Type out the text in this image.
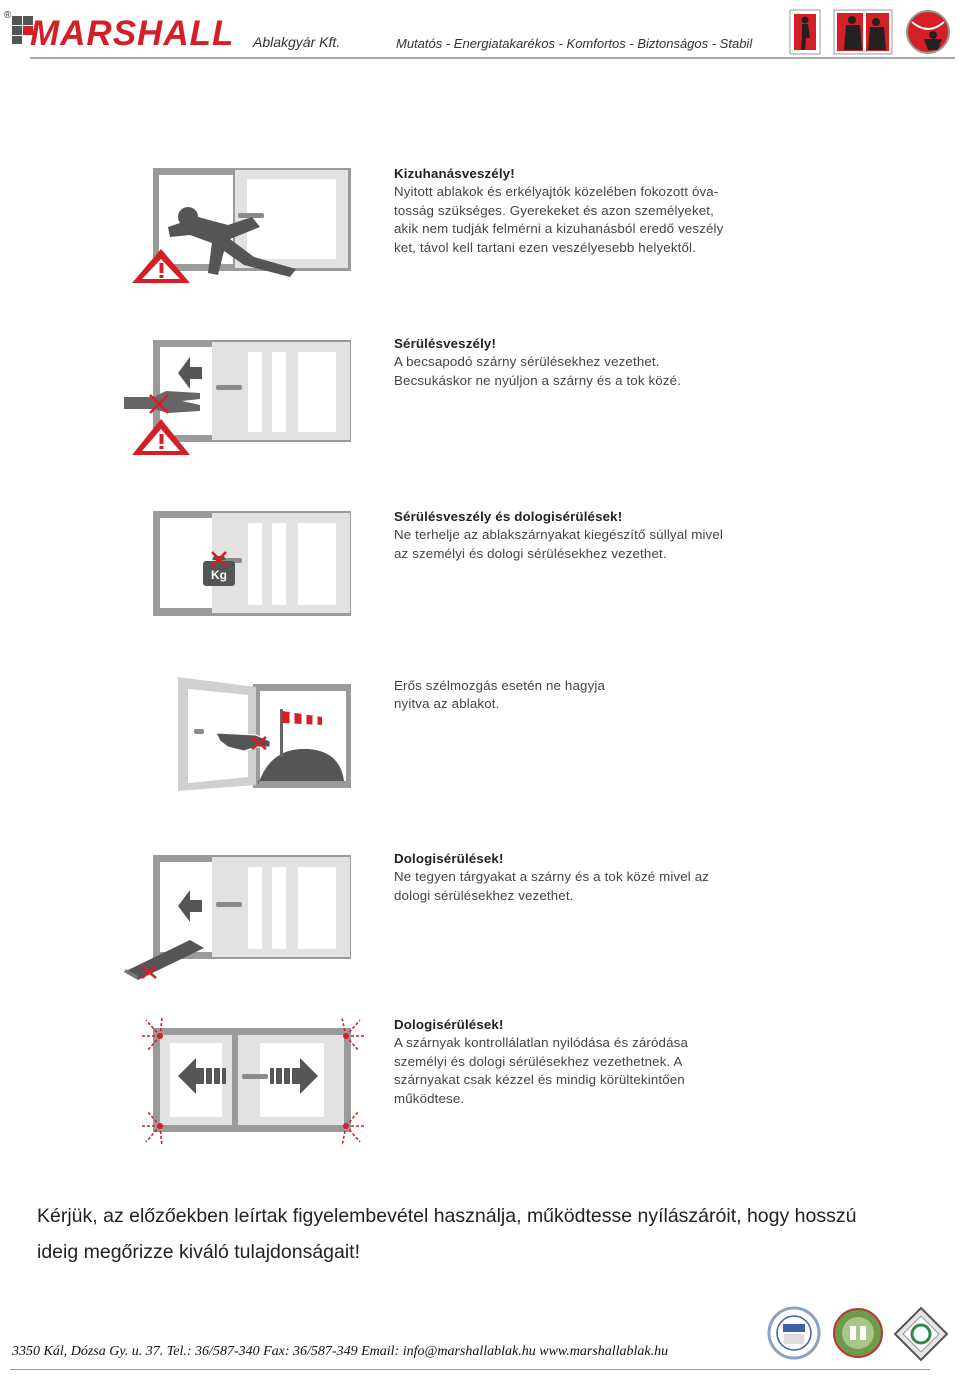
® MARSHALL Ablakgyár Kft.	Mutatós - Energiatakarékos - Komfortos - Biztonságos - Stabil
Kizuhanásveszély!
Nyitott ablakok és erkélyajtók közelében fokozott óva-
tosság szükséges. Gyerekeket és azon személyeket,
akik nem tudják felmérni a kizuhanásból eredő veszély
ket, távol kell tartani ezen veszélyesebb helyektől.
Sérülésveszély!
A becsapodó szárny sérülésekhez vezethet.
Becsukáskor ne nyúljon a szárny és a tok közé.
Kg
Sérülésveszély és dologisérülések!
Ne terhelje az ablakszárnyakat kiegészítő súllyal mivel
az személyi és dologi sérülésekhez vezethet.
Erős szélmozgás esetén ne hagyja
nyitva az ablakot.
Dologisérülések!
Ne tegyen tárgyakat a szárny és a tok közé mivel az
dologi sérülésekhez vezethet.
Dologisérülések!
A szárnyak kontrollálatlan nyilódása és záródása
személyi és dologi sérülésekhez vezethetnek. A
szárnyakat csak kézzel és mindig körültekintően
működtese.
Kérjük, az előzőekben leírtak figyelembevétel használja, működtesse nyílászáróit, hogy hosszú
ideig megőrizze kiváló tulajdonságait!
3350 Kál, Dózsa Gy. u. 37. Tel.: 36/587-340 Fax: 36/587-349 Email: info@marshallablak.hu www.marshallablak.hu
